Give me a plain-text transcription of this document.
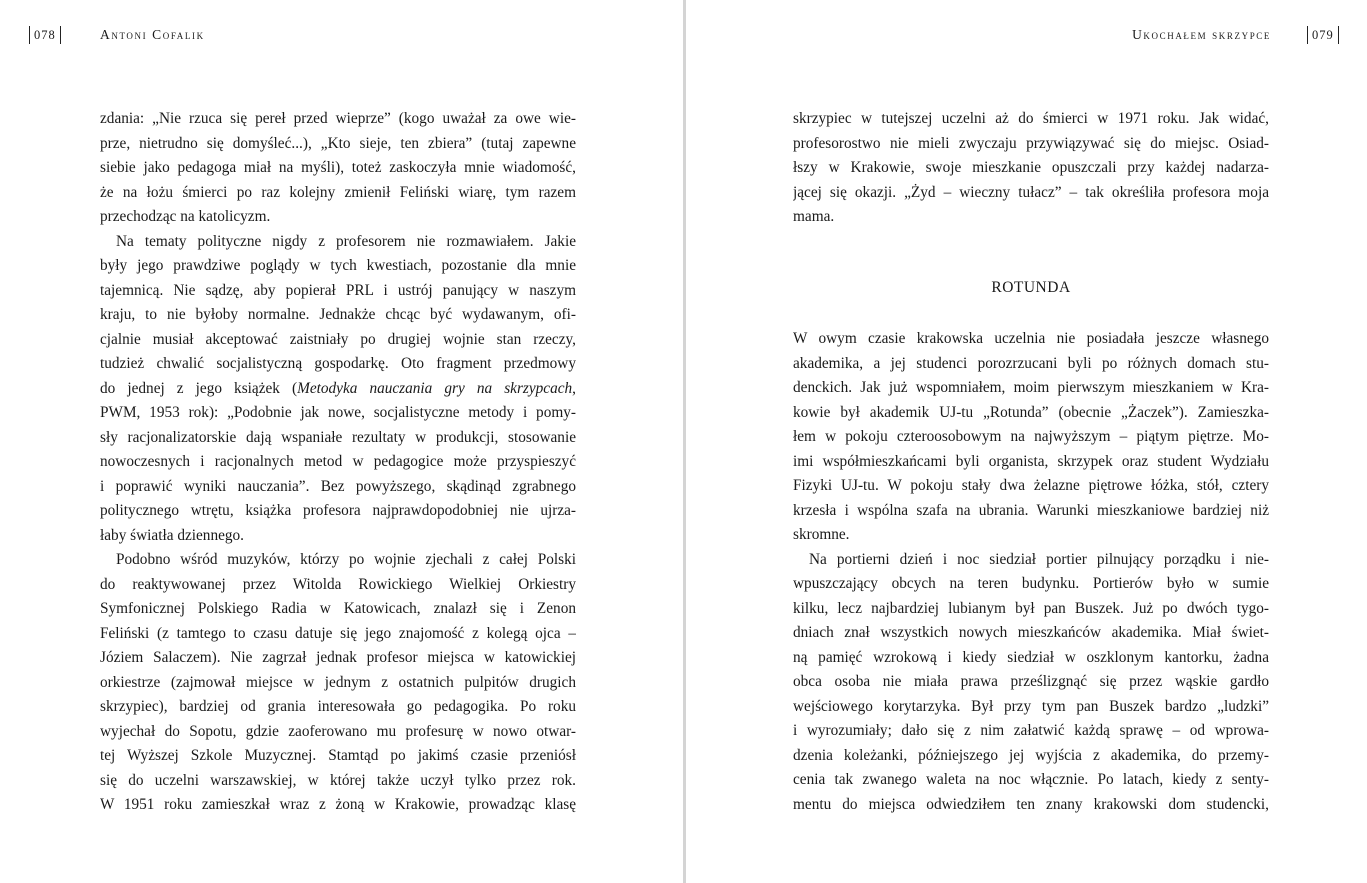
078	Antoni Cofalik

zdania: „Nie rzuca się pereł przed wieprze” (kogo uważał za owe wie-
prze, nietrudno się domyśleć...), „Kto sieje, ten zbiera” (tutaj zapewne
siebie jako pedagoga miał na myśli), toteż zaskoczyła mnie wiadomość,
że na łożu śmierci po raz kolejny zmienił Feliński wiarę, tym razem
przechodząc na katolicyzm.

Na tematy polityczne nigdy z profesorem nie rozmawiałem. Jakie
były jego prawdziwe poglądy w tych kwestiach, pozostanie dla mnie
tajemnicą. Nie sądzę, aby popierał PRL i ustrój panujący w naszym
kraju, to nie byłoby normalne. Jednakże chcąc być wydawanym, ofi-
cjalnie musiał akceptować zaistniały po drugiej wojnie stan rzeczy,
tudzież chwalić socjalistyczną gospodarkę. Oto fragment przedmowy
do jednej z jego książek (Metodyka nauczania gry na skrzypcach,
PWM, 1953 rok): „Podobnie jak nowe, socjalistyczne metody i pomy-
sły racjonalizatorskie dają wspaniałe rezultaty w produkcji, stosowanie
nowoczesnych i racjonalnych metod w pedagogice może przyspieszyć
i poprawić wyniki nauczania”. Bez powyższego, skądinąd zgrabnego
politycznego wtrętu, książka profesora najprawdopodobniej nie ujrza-
łaby światła dziennego.

Podobno wśród muzyków, którzy po wojnie zjechali z całej Polski
do reaktywowanej przez Witolda Rowickiego Wielkiej Orkiestry
Symfonicznej Polskiego Radia w Katowicach, znalazł się i Zenon
Feliński (z tamtego to czasu datuje się jego znajomość z kolegą ojca –
Józiem Salaczem). Nie zagrzał jednak profesor miejsca w katowickiej
orkiestrze (zajmował miejsce w jednym z ostatnich pulpitów drugich
skrzypiec), bardziej od grania interesowała go pedagogika. Po roku
wyjechał do Sopotu, gdzie zaoferowano mu profesurę w nowo otwar-
tej Wyższej Szkole Muzycznej. Stamtąd po jakimś czasie przeniósł
się do uczelni warszawskiej, w której także uczył tylko przez rok.
W 1951 roku zamieszkał wraz z żoną w Krakowie, prowadząc klasę

Ukochałem skrzypce	079

skrzypiec w tutejszej uczelni aż do śmierci w 1971 roku. Jak widać,
profesorostwo nie mieli zwyczaju przywiązywać się do miejsc. Osiad-
łszy w Krakowie, swoje mieszkanie opuszczali przy każdej nadarza-
jącej się okazji. „Żyd – wieczny tułacz” – tak określiła profesora moja
mama.

ROTUNDA

W owym czasie krakowska uczelnia nie posiadała jeszcze własnego
akademika, a jej studenci porozrzucani byli po różnych domach stu-
denckich. Jak już wspomniałem, moim pierwszym mieszkaniem w Kra-
kowie był akademik UJ-tu „Rotunda” (obecnie „Żaczek”). Zamieszka-
łem w pokoju czteroosobowym na najwyższym – piątym piętrze. Mo-
imi współmieszkańcami byli organista, skrzypek oraz student Wydziału
Fizyki UJ-tu. W pokoju stały dwa żelazne piętrowe łóżka, stół, cztery
krzesła i wspólna szafa na ubrania. Warunki mieszkaniowe bardziej niż
skromne.

Na portierni dzień i noc siedział portier pilnujący porządku i nie-
wpuszczający obcych na teren budynku. Portierów było w sumie
kilku, lecz najbardziej lubianym był pan Buszek. Już po dwóch tygo-
dniach znał wszystkich nowych mieszkańców akademika. Miał świet-
ną pamięć wzrokową i kiedy siedział w oszklonym kantorku, żadna
obca osoba nie miała prawa prześlizgnąć się przez wąskie gardło
wejściowego korytarzyka. Był przy tym pan Buszek bardzo „ludzki”
i wyrozumiały; dało się z nim załatwić każdą sprawę – od wprowa-
dzenia koleżanki, późniejszego jej wyjścia z akademika, do przemy-
cenia tak zwanego waleta na noc włącznie. Po latach, kiedy z senty-
mentu do miejsca odwiedziłem ten znany krakowski dom studencki,
